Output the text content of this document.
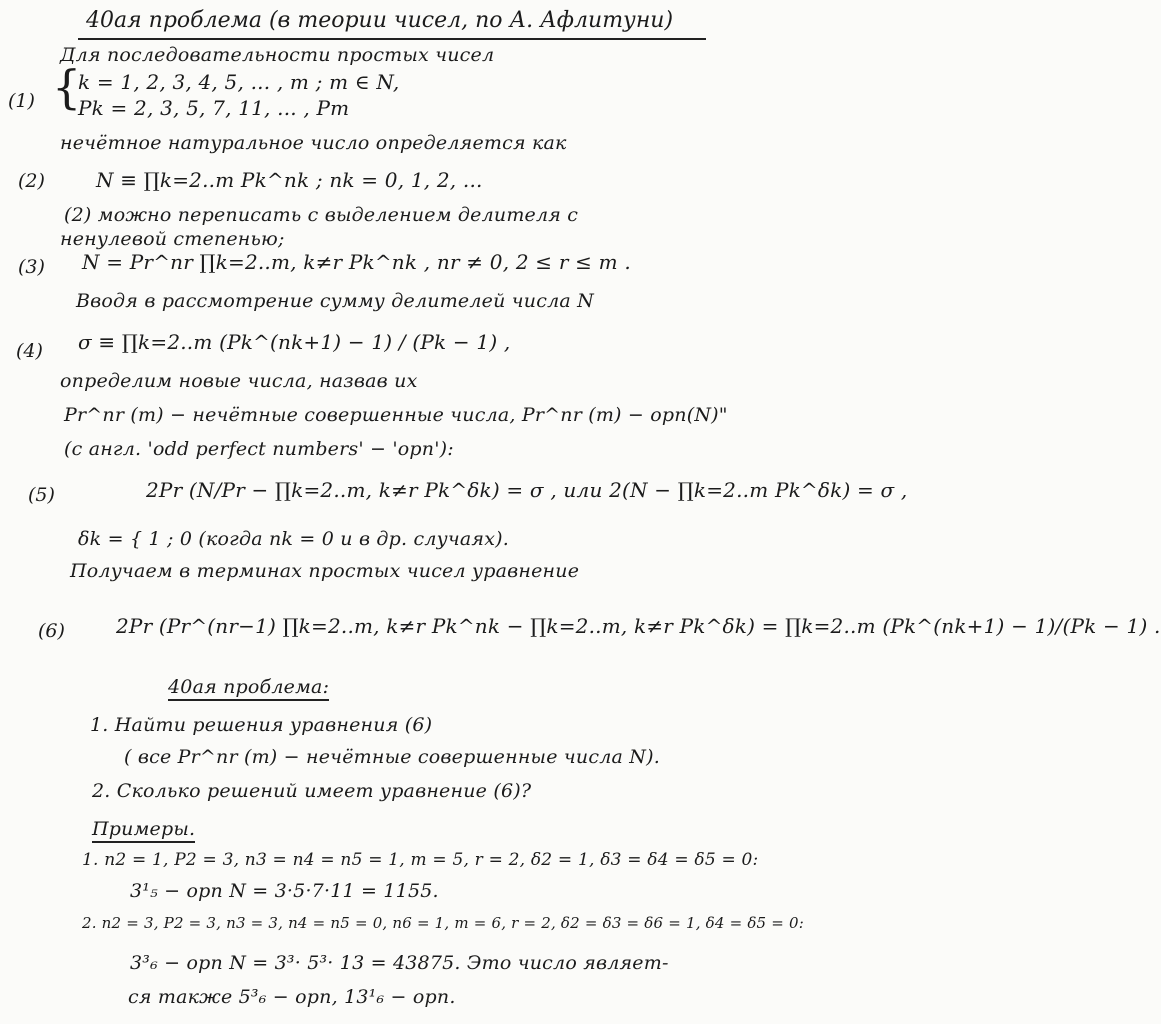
40ая проблема (в теории чисел, по А. Афлитуни)
Для последовательности простых чисел
(1) {
k = 1, 2, 3, 4, 5, ... , m ; m ∈ N,
Pk = 2, 3, 5, 7, 11, ... , Pm
нечётное натуральное число определяется как
(2)	N ≡ ∏k=2..m Pk^nk ; nk = 0, 1, 2, ...
(2) можно переписать с выделением делителя с
ненулевой степенью;
(3) N = Pr^nr ∏k=2..m, k≠r Pk^nk , nr ≠ 0, 2 ≤ r ≤ m .
Вводя в рассмотрение сумму делителей числа N
(4) σ ≡ ∏k=2..m (Pk^(nk+1) − 1) / (Pk − 1) ,
определим новые числа, назвав их
Pr^nr (m) − нечётные совершенные числа, Pr^nr (m) − opn(N)"
(с англ. 'odd perfect numbers' − 'opn'):
(5)	2Pr (N/Pr − ∏k=2..m, k≠r Pk^δk) = σ , или 2(N − ∏k=2..m Pk^δk) = σ ,
δk = { 1 ; 0 (когда nk = 0 и в др. случаях).
Получаем в терминах простых чисел уравнение
(6)	2Pr (Pr^(nr−1) ∏k=2..m, k≠r Pk^nk − ∏k=2..m, k≠r Pk^δk) = ∏k=2..m (Pk^(nk+1) − 1)/(Pk − 1) .
40ая проблема:
1. Найти решения уравнения (6)
( все Pr^nr (m) − нечётные совершенные числа N).
2. Сколько решений имеет уравнение (6)?
Примеры.
1. n2 = 1, P2 = 3, n3 = n4 = n5 = 1, m = 5, r = 2, δ2 = 1, δ3 = δ4 = δ5 = 0:
3¹₅ − opn N = 3·5·7·11 = 1155.
2. n2 = 3, P2 = 3, n3 = 3, n4 = n5 = 0, n6 = 1, m = 6, r = 2, δ2 = δ3 = δ6 = 1, δ4 = δ5 = 0:
3³₆ − opn N = 3³· 5³· 13 = 43875. Это число являет-
ся также 5³₆ − opn, 13¹₆ − opn.
